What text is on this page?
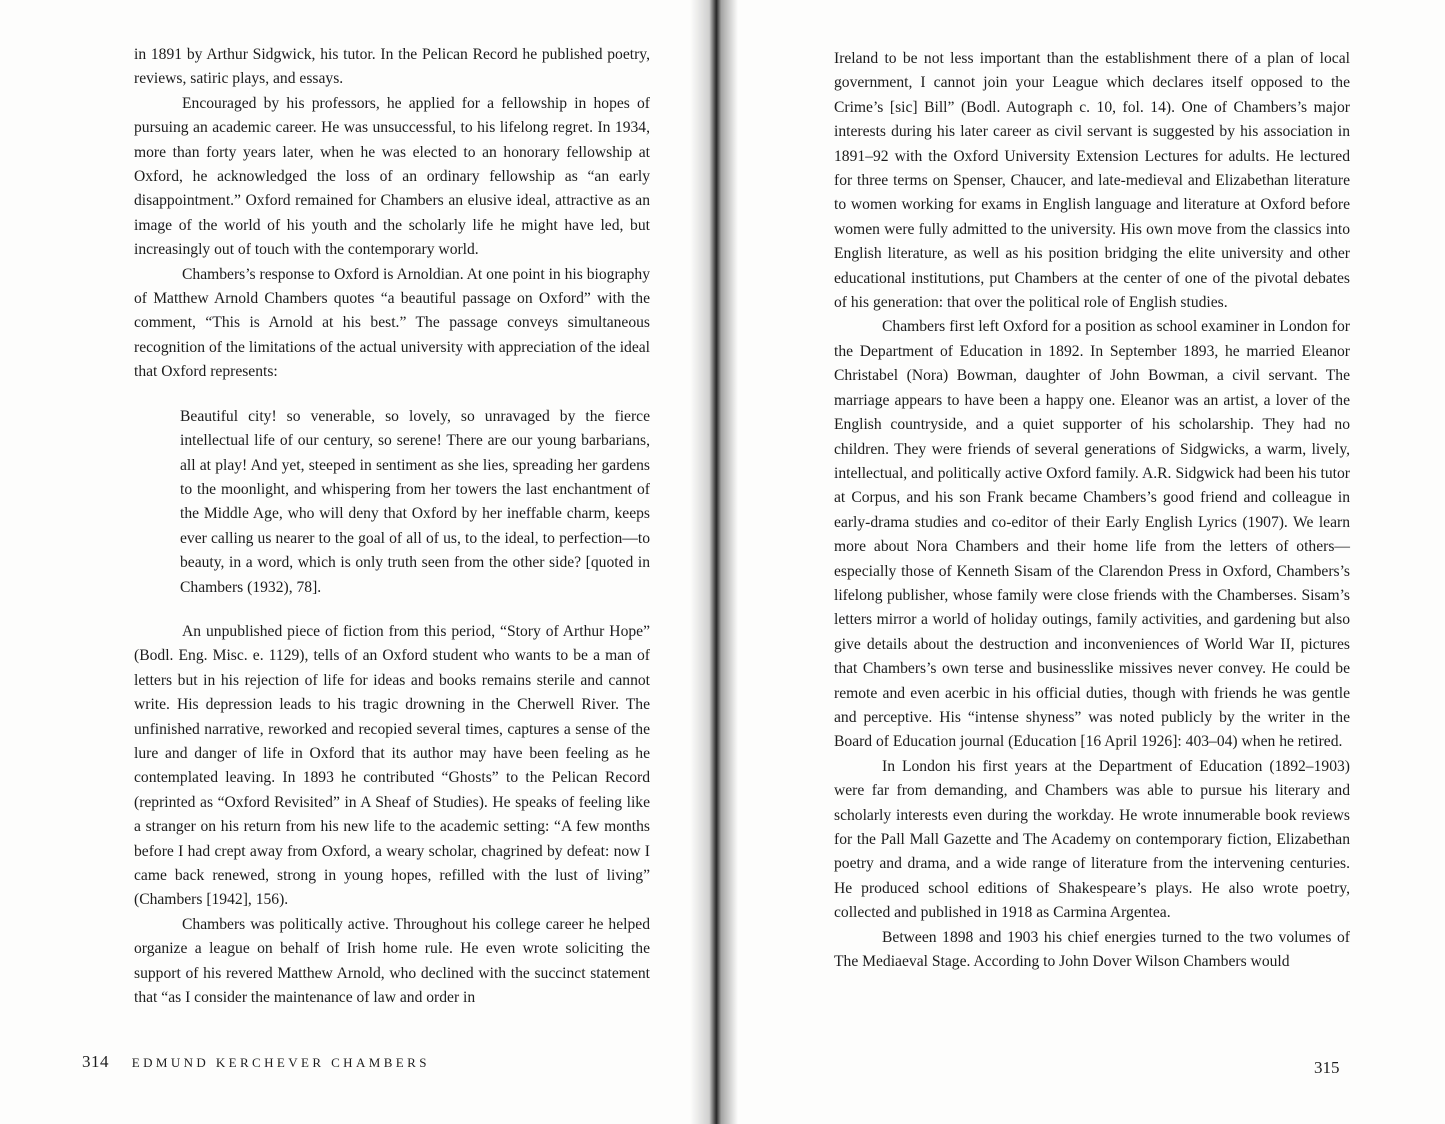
in 1891 by Arthur Sidgwick, his tutor. In the Pelican Record he published poetry, reviews, satiric plays, and essays.

Encouraged by his professors, he applied for a fellowship in hopes of pursuing an academic career. He was unsuccessful, to his lifelong regret. In 1934, more than forty years later, when he was elected to an honorary fellowship at Oxford, he acknowledged the loss of an ordinary fellowship as “an early disappointment.” Oxford remained for Chambers an elusive ideal, attractive as an image of the world of his youth and the scholarly life he might have led, but increasingly out of touch with the contemporary world.

Chambers’s response to Oxford is Arnoldian. At one point in his biography of Matthew Arnold Chambers quotes “a beautiful passage on Oxford” with the comment, “This is Arnold at his best.” The passage conveys simultaneous recognition of the limitations of the actual university with appreciation of the ideal that Oxford represents:

Beautiful city! so venerable, so lovely, so unravaged by the fierce intellectual life of our century, so serene! There are our young barbarians, all at play! And yet, steeped in sentiment as she lies, spreading her gardens to the moonlight, and whispering from her towers the last enchantment of the Middle Age, who will deny that Oxford by her ineffable charm, keeps ever calling us nearer to the goal of all of us, to the ideal, to perfection—to beauty, in a word, which is only truth seen from the other side? [quoted in Chambers (1932), 78].

An unpublished piece of fiction from this period, “Story of Arthur Hope” (Bodl. Eng. Misc. e. 1129), tells of an Oxford student who wants to be a man of letters but in his rejection of life for ideas and books remains sterile and cannot write. His depression leads to his tragic drowning in the Cherwell River. The unfinished narrative, reworked and recopied several times, captures a sense of the lure and danger of life in Oxford that its author may have been feeling as he contemplated leaving. In 1893 he contributed “Ghosts” to the Pelican Record (reprinted as “Oxford Revisited” in A Sheaf of Studies). He speaks of feeling like a stranger on his return from his new life to the academic setting: “A few months before I had crept away from Oxford, a weary scholar, chagrined by defeat: now I came back renewed, strong in young hopes, refilled with the lust of living” (Chambers [1942], 156).

Chambers was politically active. Throughout his college career he helped organize a league on behalf of Irish home rule. He even wrote soliciting the support of his revered Matthew Arnold, who declined with the succinct statement that “as I consider the maintenance of law and order in

314 EDMUND KERCHEVER CHAMBERS

Ireland to be not less important than the establishment there of a plan of local government, I cannot join your League which declares itself opposed to the Crime’s [sic] Bill” (Bodl. Autograph c. 10, fol. 14). One of Chambers’s major interests during his later career as civil servant is suggested by his association in 1891–92 with the Oxford University Extension Lectures for adults. He lectured for three terms on Spenser, Chaucer, and late-medieval and Elizabethan literature to women working for exams in English language and literature at Oxford before women were fully admitted to the university. His own move from the classics into English literature, as well as his position bridging the elite university and other educational institutions, put Chambers at the center of one of the pivotal debates of his generation: that over the political role of English studies.

Chambers first left Oxford for a position as school examiner in London for the Department of Education in 1892. In September 1893, he married Eleanor Christabel (Nora) Bowman, daughter of John Bowman, a civil servant. The marriage appears to have been a happy one. Eleanor was an artist, a lover of the English countryside, and a quiet supporter of his scholarship. They had no children. They were friends of several generations of Sidgwicks, a warm, lively, intellectual, and politically active Oxford family. A.R. Sidgwick had been his tutor at Corpus, and his son Frank became Chambers’s good friend and colleague in early-drama studies and co-editor of their Early English Lyrics (1907). We learn more about Nora Chambers and their home life from the letters of others—especially those of Kenneth Sisam of the Clarendon Press in Oxford, Chambers’s lifelong publisher, whose family were close friends with the Chamberses. Sisam’s letters mirror a world of holiday outings, family activities, and gardening but also give details about the destruction and inconveniences of World War II, pictures that Chambers’s own terse and businesslike missives never convey. He could be remote and even acerbic in his official duties, though with friends he was gentle and perceptive. His “intense shyness” was noted publicly by the writer in the Board of Education journal (Education [16 April 1926]: 403–04) when he retired.

In London his first years at the Department of Education (1892–1903) were far from demanding, and Chambers was able to pursue his literary and scholarly interests even during the workday. He wrote innumerable book reviews for the Pall Mall Gazette and The Academy on contemporary fiction, Elizabethan poetry and drama, and a wide range of literature from the intervening centuries. He produced school editions of Shakespeare’s plays. He also wrote poetry, collected and published in 1918 as Carmina Argentea.

Between 1898 and 1903 his chief energies turned to the two volumes of The Mediaeval Stage. According to John Dover Wilson Chambers would

315
